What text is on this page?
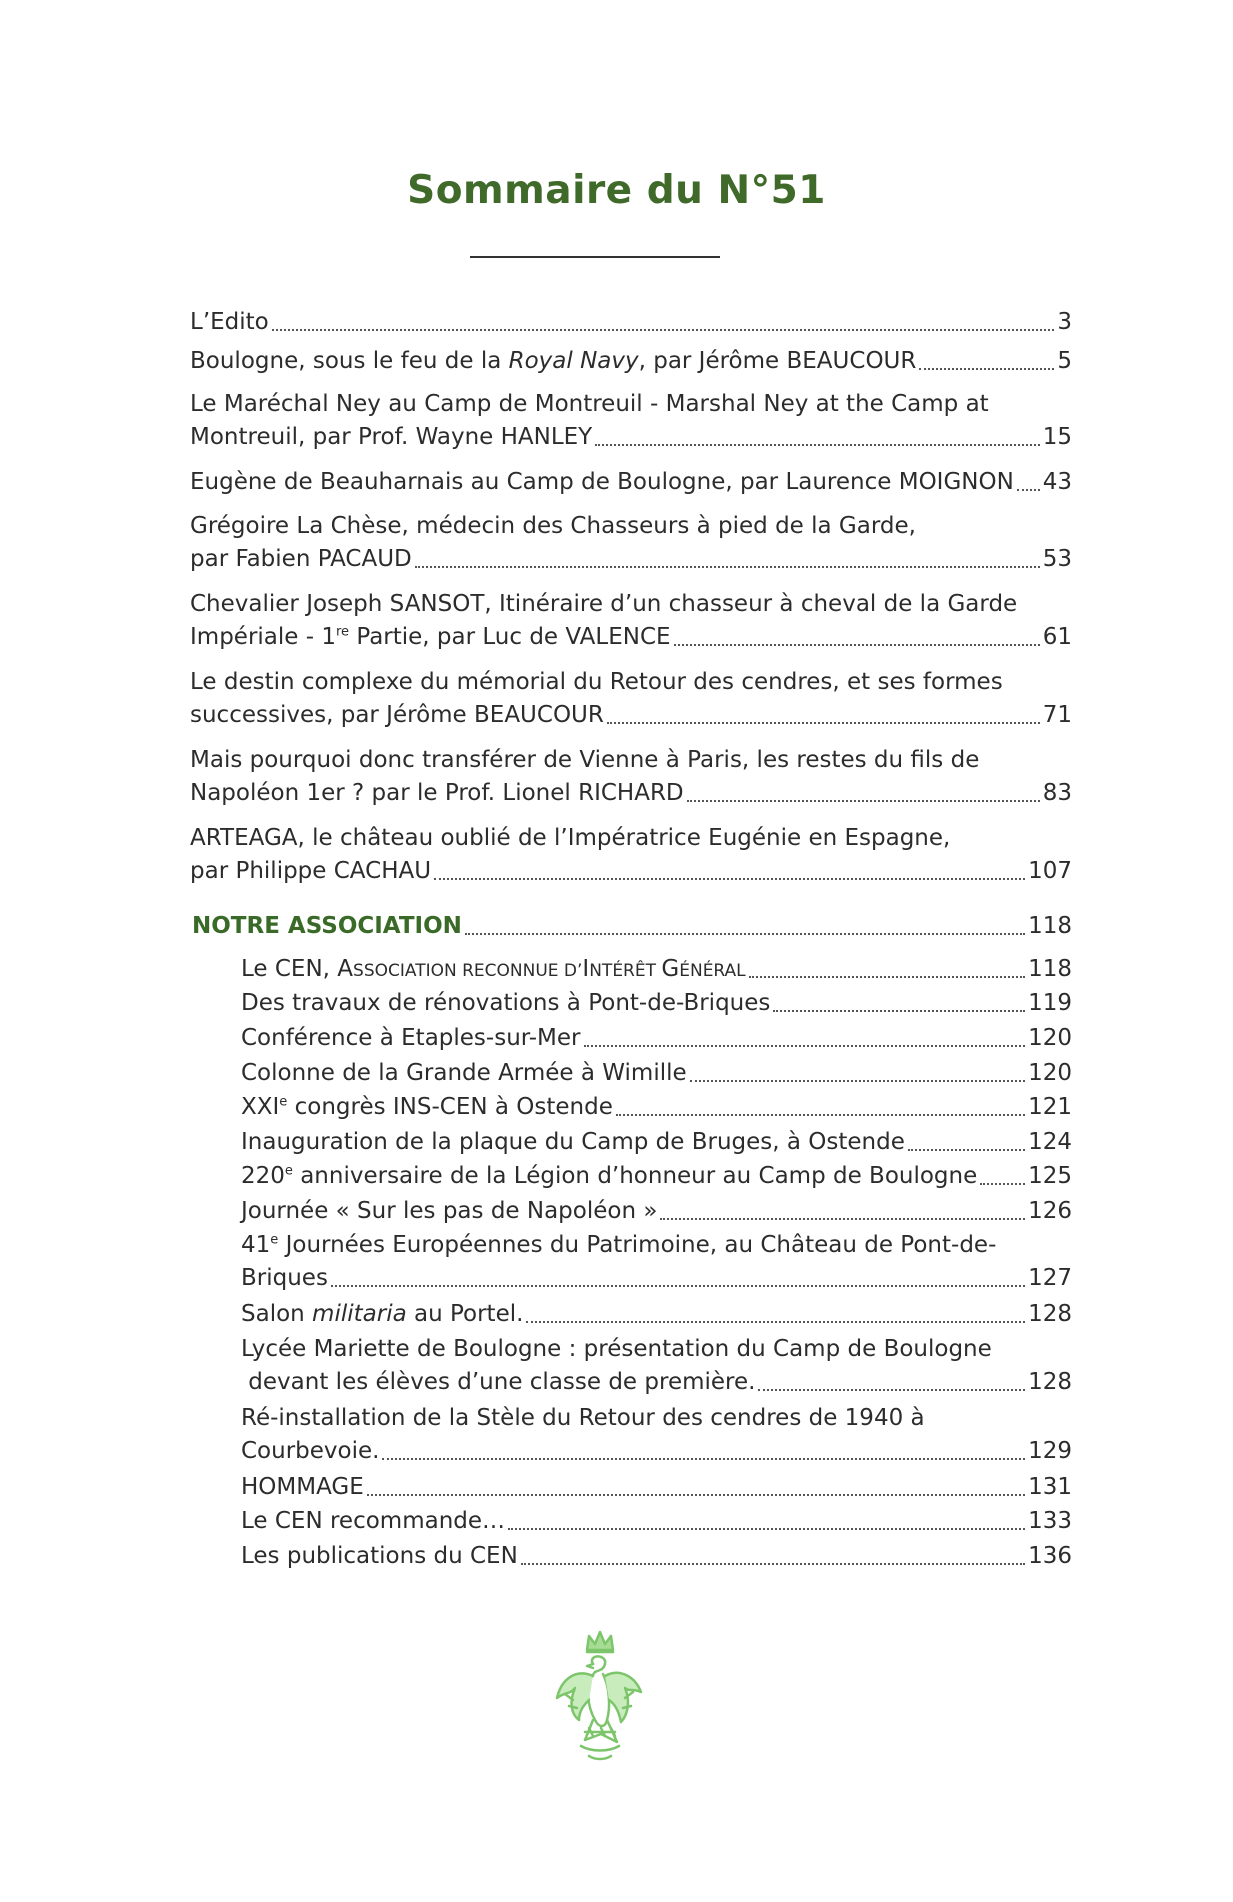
Sommaire du N°51
L’Edito	3
Boulogne, sous le feu de la Royal Navy, par Jérôme BEAUCOUR	5
Le Maréchal Ney au Camp de Montreuil - Marshal Ney at the Camp at
Montreuil, par Prof. Wayne HANLEY	15
Eugène de Beauharnais au Camp de Boulogne, par Laurence MOIGNON 43
Grégoire La Chèse, médecin des Chasseurs à pied de la Garde,
par Fabien PACAUD	53
Chevalier Joseph SANSOT, Itinéraire d’un chasseur à cheval de la Garde
Impériale - 1re Partie, par Luc de VALENCE	61
Le destin complexe du mémorial du Retour des cendres, et ses formes
successives, par Jérôme BEAUCOUR	71
Mais pourquoi donc transférer de Vienne à Paris, les restes du fils de
Napoléon 1er ? par le Prof. Lionel RICHARD	83
ARTEAGA, le château oublié de l’Impératrice Eugénie en Espagne,
par Philippe CACHAU	107
NOTRE ASSOCIATION	118
Le CEN, ASSOCIATION RECONNUE D’INTÉRÊT GÉNÉRAL	118
Des travaux de rénovations à Pont-de-Briques	119
Conférence à Etaples-sur-Mer	120
Colonne de la Grande Armée à Wimille	120
XXIe congrès INS-CEN à Ostende	121
Inauguration de la plaque du Camp de Bruges, à Ostende	124
220e anniversaire de la Légion d’honneur au Camp de Boulogne 125
Journée « Sur les pas de Napoléon »	126
41e Journées Européennes du Patrimoine, au Château de Pont-de-
Briques	127
Salon militaria au Portel.	128
Lycée Mariette de Boulogne : présentation du Camp de Boulogne
devant les élèves d’une classe de première.	128
Ré-installation de la Stèle du Retour des cendres de 1940 à
Courbevoie.	129
HOMMAGE	131
Le CEN recommande…	133
Les publications du CEN	136
